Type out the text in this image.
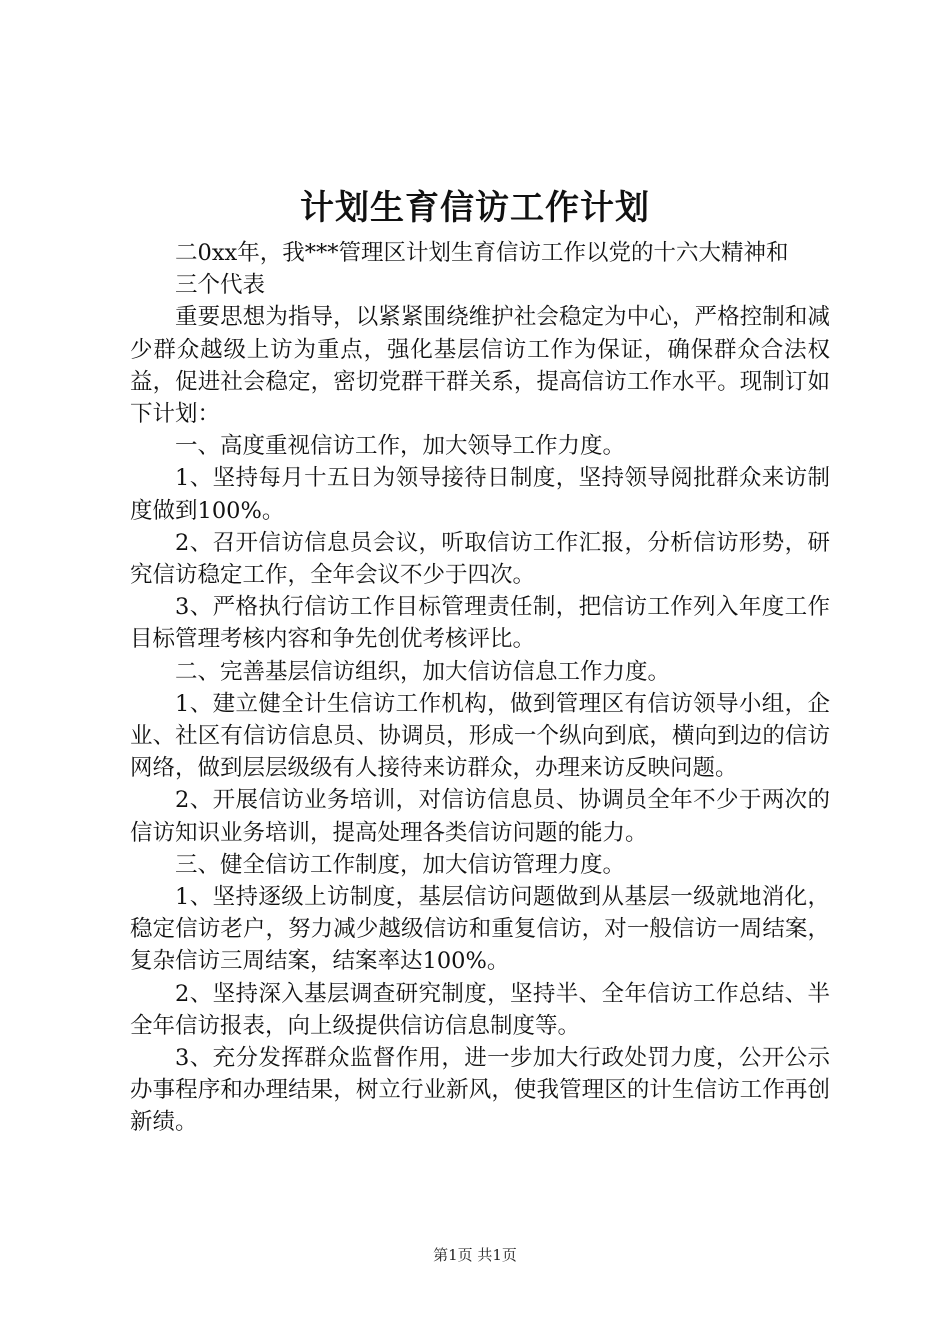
计划生育信访工作计划

二0xx年，我***管理区计划生育信访工作以党的十六大精神和

三个代表

重要思想为指导，以紧紧围绕维护社会稳定为中心，严格控制和减少群众越级上访为重点，强化基层信访工作为保证，确保群众合法权益，促进社会稳定，密切党群干群关系，提高信访工作水平。现制订如下计划：

一、高度重视信访工作，加大领导工作力度。

1、坚持每月十五日为领导接待日制度，坚持领导阅批群众来访制度做到100%。

2、召开信访信息员会议，听取信访工作汇报，分析信访形势，研究信访稳定工作，全年会议不少于四次。

3、严格执行信访工作目标管理责任制，把信访工作列入年度工作目标管理考核内容和争先创优考核评比。

二、完善基层信访组织，加大信访信息工作力度。

1、建立健全计生信访工作机构，做到管理区有信访领导小组，企业、社区有信访信息员、协调员，形成一个纵向到底，横向到边的信访网络，做到层层级级有人接待来访群众，办理来访反映问题。

2、开展信访业务培训，对信访信息员、协调员全年不少于两次的信访知识业务培训，提高处理各类信访问题的能力。

三、健全信访工作制度，加大信访管理力度。

1、坚持逐级上访制度，基层信访问题做到从基层一级就地消化，稳定信访老户，努力减少越级信访和重复信访，对一般信访一周结案，复杂信访三周结案，结案率达100%。

2、坚持深入基层调查研究制度，坚持半、全年信访工作总结、半全年信访报表，向上级提供信访信息制度等。

3、充分发挥群众监督作用，进一步加大行政处罚力度，公开公示办事程序和办理结果，树立行业新风，使我管理区的计生信访工作再创新绩。

第1页 共1页
